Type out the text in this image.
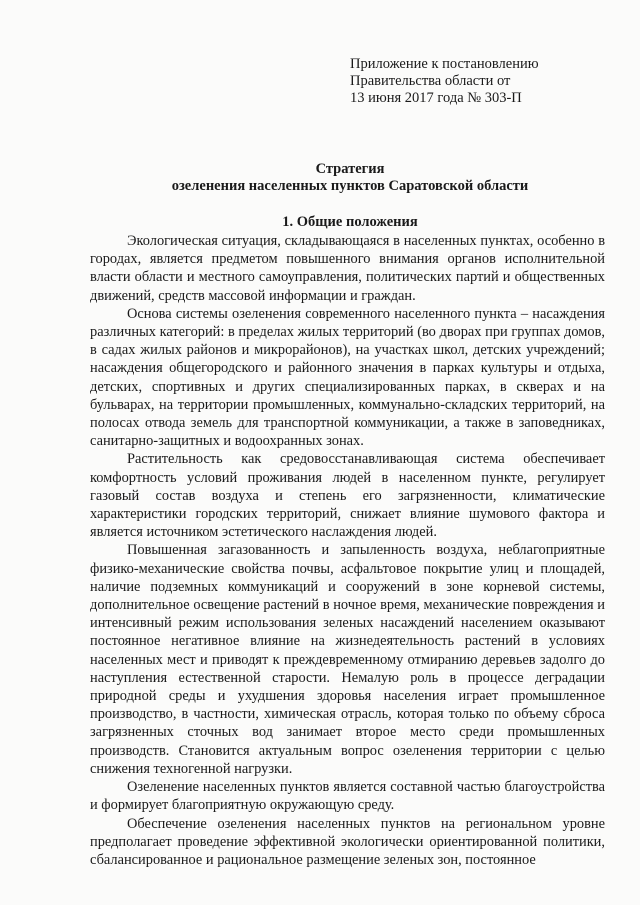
Приложение к постановлению
Правительства области от
13 июня 2017 года № 303-П
Стратегия
озеленения населенных пунктов Саратовской области
1. Общие положения

Экологическая ситуация, складывающаяся в населенных пунктах, особенно в городах, является предметом повышенного внимания органов исполнительной власти области и местного самоуправления, политических партий и общественных движений, средств массовой информации и граждан.

Основа системы озеленения современного населенного пункта – насаждения различных категорий: в пределах жилых территорий (во дворах при группах домов, в садах жилых районов и микрорайонов), на участках школ, детских учреждений; насаждения общегородского и районного значения в парках культуры и отдыха, детских, спортивных и других специализированных парках, в скверах и на бульварах, на территории промышленных, коммунально-складских территорий, на полосах отвода земель для транспортной коммуникации, а также в заповедниках, санитарно-защитных и водоохранных зонах.

Растительность как средовосстанавливающая система обеспечивает комфортность условий проживания людей в населенном пункте, регулирует газовый состав воздуха и степень его загрязненности, климатические характеристики городских территорий, снижает влияние шумового фактора и является источником эстетического наслаждения людей.

Повышенная загазованность и запыленность воздуха, неблагоприятные физико-механические свойства почвы, асфальтовое покрытие улиц и площадей, наличие подземных коммуникаций и сооружений в зоне корневой системы, дополнительное освещение растений в ночное время, механические повреждения и интенсивный режим использования зеленых насаждений населением оказывают постоянное негативное влияние на жизнедеятельность растений в условиях населенных мест и приводят к преждевременному отмиранию деревьев задолго до наступления естественной старости. Немалую роль в процессе деградации природной среды и ухудшения здоровья населения играет промышленное производство, в частности, химическая отрасль, которая только по объему сброса загрязненных сточных вод занимает второе место среди промышленных производств. Становится актуальным вопрос озеленения территории с целью снижения техногенной нагрузки.

Озеленение населенных пунктов является составной частью благоустройства и формирует благоприятную окружающую среду.

Обеспечение озеленения населенных пунктов на региональном уровне предполагает проведение эффективной экологически ориентированной политики, сбалансированное и рациональное размещение зеленых зон, постоянное
